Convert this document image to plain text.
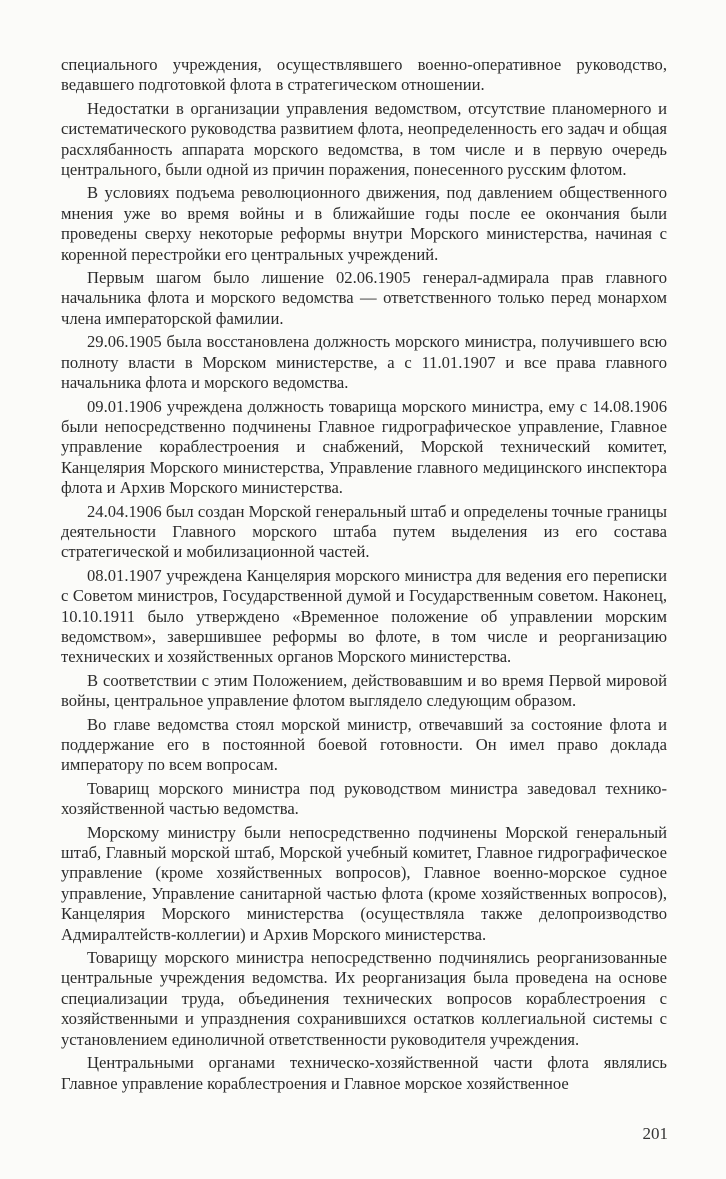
специального учреждения, осуществлявшего военно-оперативное руководство, ведавшего подготовкой флота в стратегическом отношении.

Недостатки в организации управления ведомством, отсутствие планомерного и систематического руководства развитием флота, неопределенность его задач и общая расхлябанность аппарата морского ведомства, в том числе и в первую очередь центрального, были одной из причин поражения, понесенного русским флотом.

В условиях подъема революционного движения, под давлением общественного мнения уже во время войны и в ближайшие годы после ее окончания были проведены сверху некоторые реформы внутри Морского министерства, начиная с коренной перестройки его центральных учреждений.

Первым шагом было лишение 02.06.1905 генерал-адмирала прав главного начальника флота и морского ведомства — ответственного только перед монархом члена императорской фамилии.

29.06.1905 была восстановлена должность морского министра, получившего всю полноту власти в Морском министерстве, а с 11.01.1907 и все права главного начальника флота и морского ведомства.

09.01.1906 учреждена должность товарища морского министра, ему с 14.08.1906 были непосредственно подчинены Главное гидрографическое управление, Главное управление кораблестроения и снабжений, Морской технический комитет, Канцелярия Морского министерства, Управление главного медицинского инспектора флота и Архив Морского министерства.

24.04.1906 был создан Морской генеральный штаб и определены точные границы деятельности Главного морского штаба путем выделения из его состава стратегической и мобилизационной частей.

08.01.1907 учреждена Канцелярия морского министра для ведения его переписки с Советом министров, Государственной думой и Государственным советом. Наконец, 10.10.1911 было утверждено «Временное положение об управлении морским ведомством», завершившее реформы во флоте, в том числе и реорганизацию технических и хозяйственных органов Морского министерства.

В соответствии с этим Положением, действовавшим и во время Первой мировой войны, центральное управление флотом выглядело следующим образом.

Во главе ведомства стоял морской министр, отвечавший за состояние флота и поддержание его в постоянной боевой готовности. Он имел право доклада императору по всем вопросам.

Товарищ морского министра под руководством министра заведовал технико-хозяйственной частью ведомства.

Морскому министру были непосредственно подчинены Морской генеральный штаб, Главный морской штаб, Морской учебный комитет, Главное гидрографическое управление (кроме хозяйственных вопросов), Главное военно-морское судное управление, Управление санитарной частью флота (кроме хозяйственных вопросов), Канцелярия Морского министерства (осуществляла также делопроизводство Адмиралтейств-коллегии) и Архив Морского министерства.

Товарищу морского министра непосредственно подчинялись реорганизованные центральные учреждения ведомства. Их реорганизация была проведена на основе специализации труда, объединения технических вопросов кораблестроения с хозяйственными и упразднения сохранившихся остатков коллегиальной системы с установлением единоличной ответственности руководителя учреждения.

Центральными органами техническо-хозяйственной части флота являлись Главное управление кораблестроения и Главное морское хозяйственное

201
